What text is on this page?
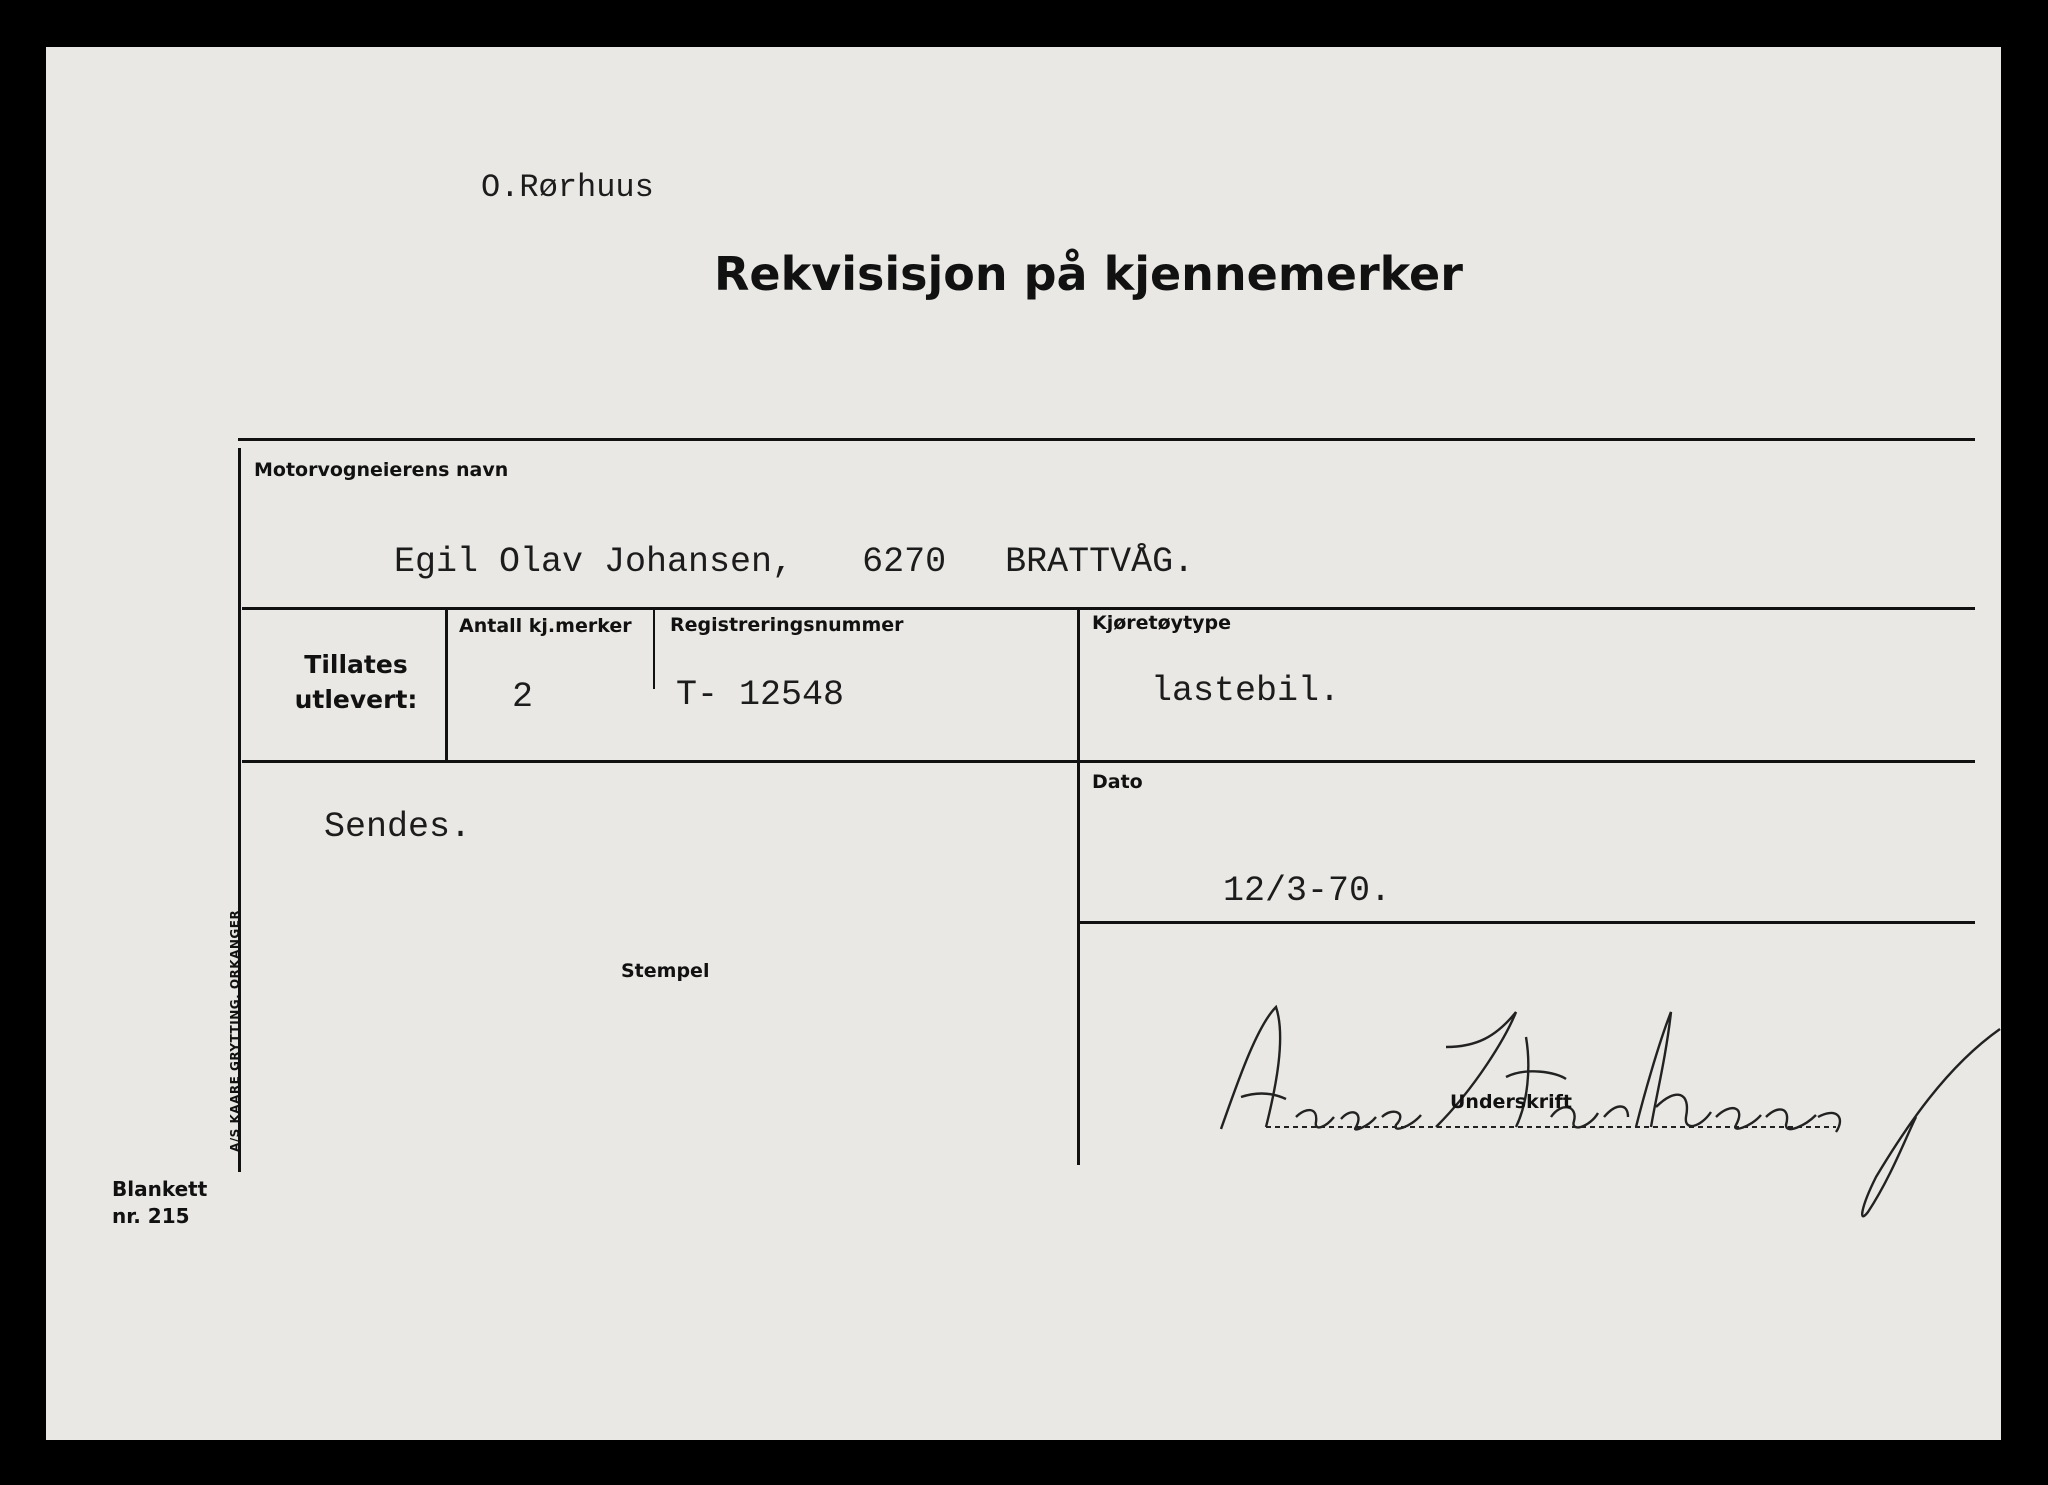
O.Rørhuus
Rekvisisjon på kjennemerker
Motorvogneierens navn
Egil Olav Johansen, 6270 BRATTVÅG.
Tillates
utlevert:
Antall kj.merker
2
Registreringsnummer
T- 12548
Kjøretøytype
lastebil.
Sendes.
Stempel
Dato
12/3-70.
Underskrift
A/S KAARE GRYTTING, ORKANGER
Blankett
nr. 215
